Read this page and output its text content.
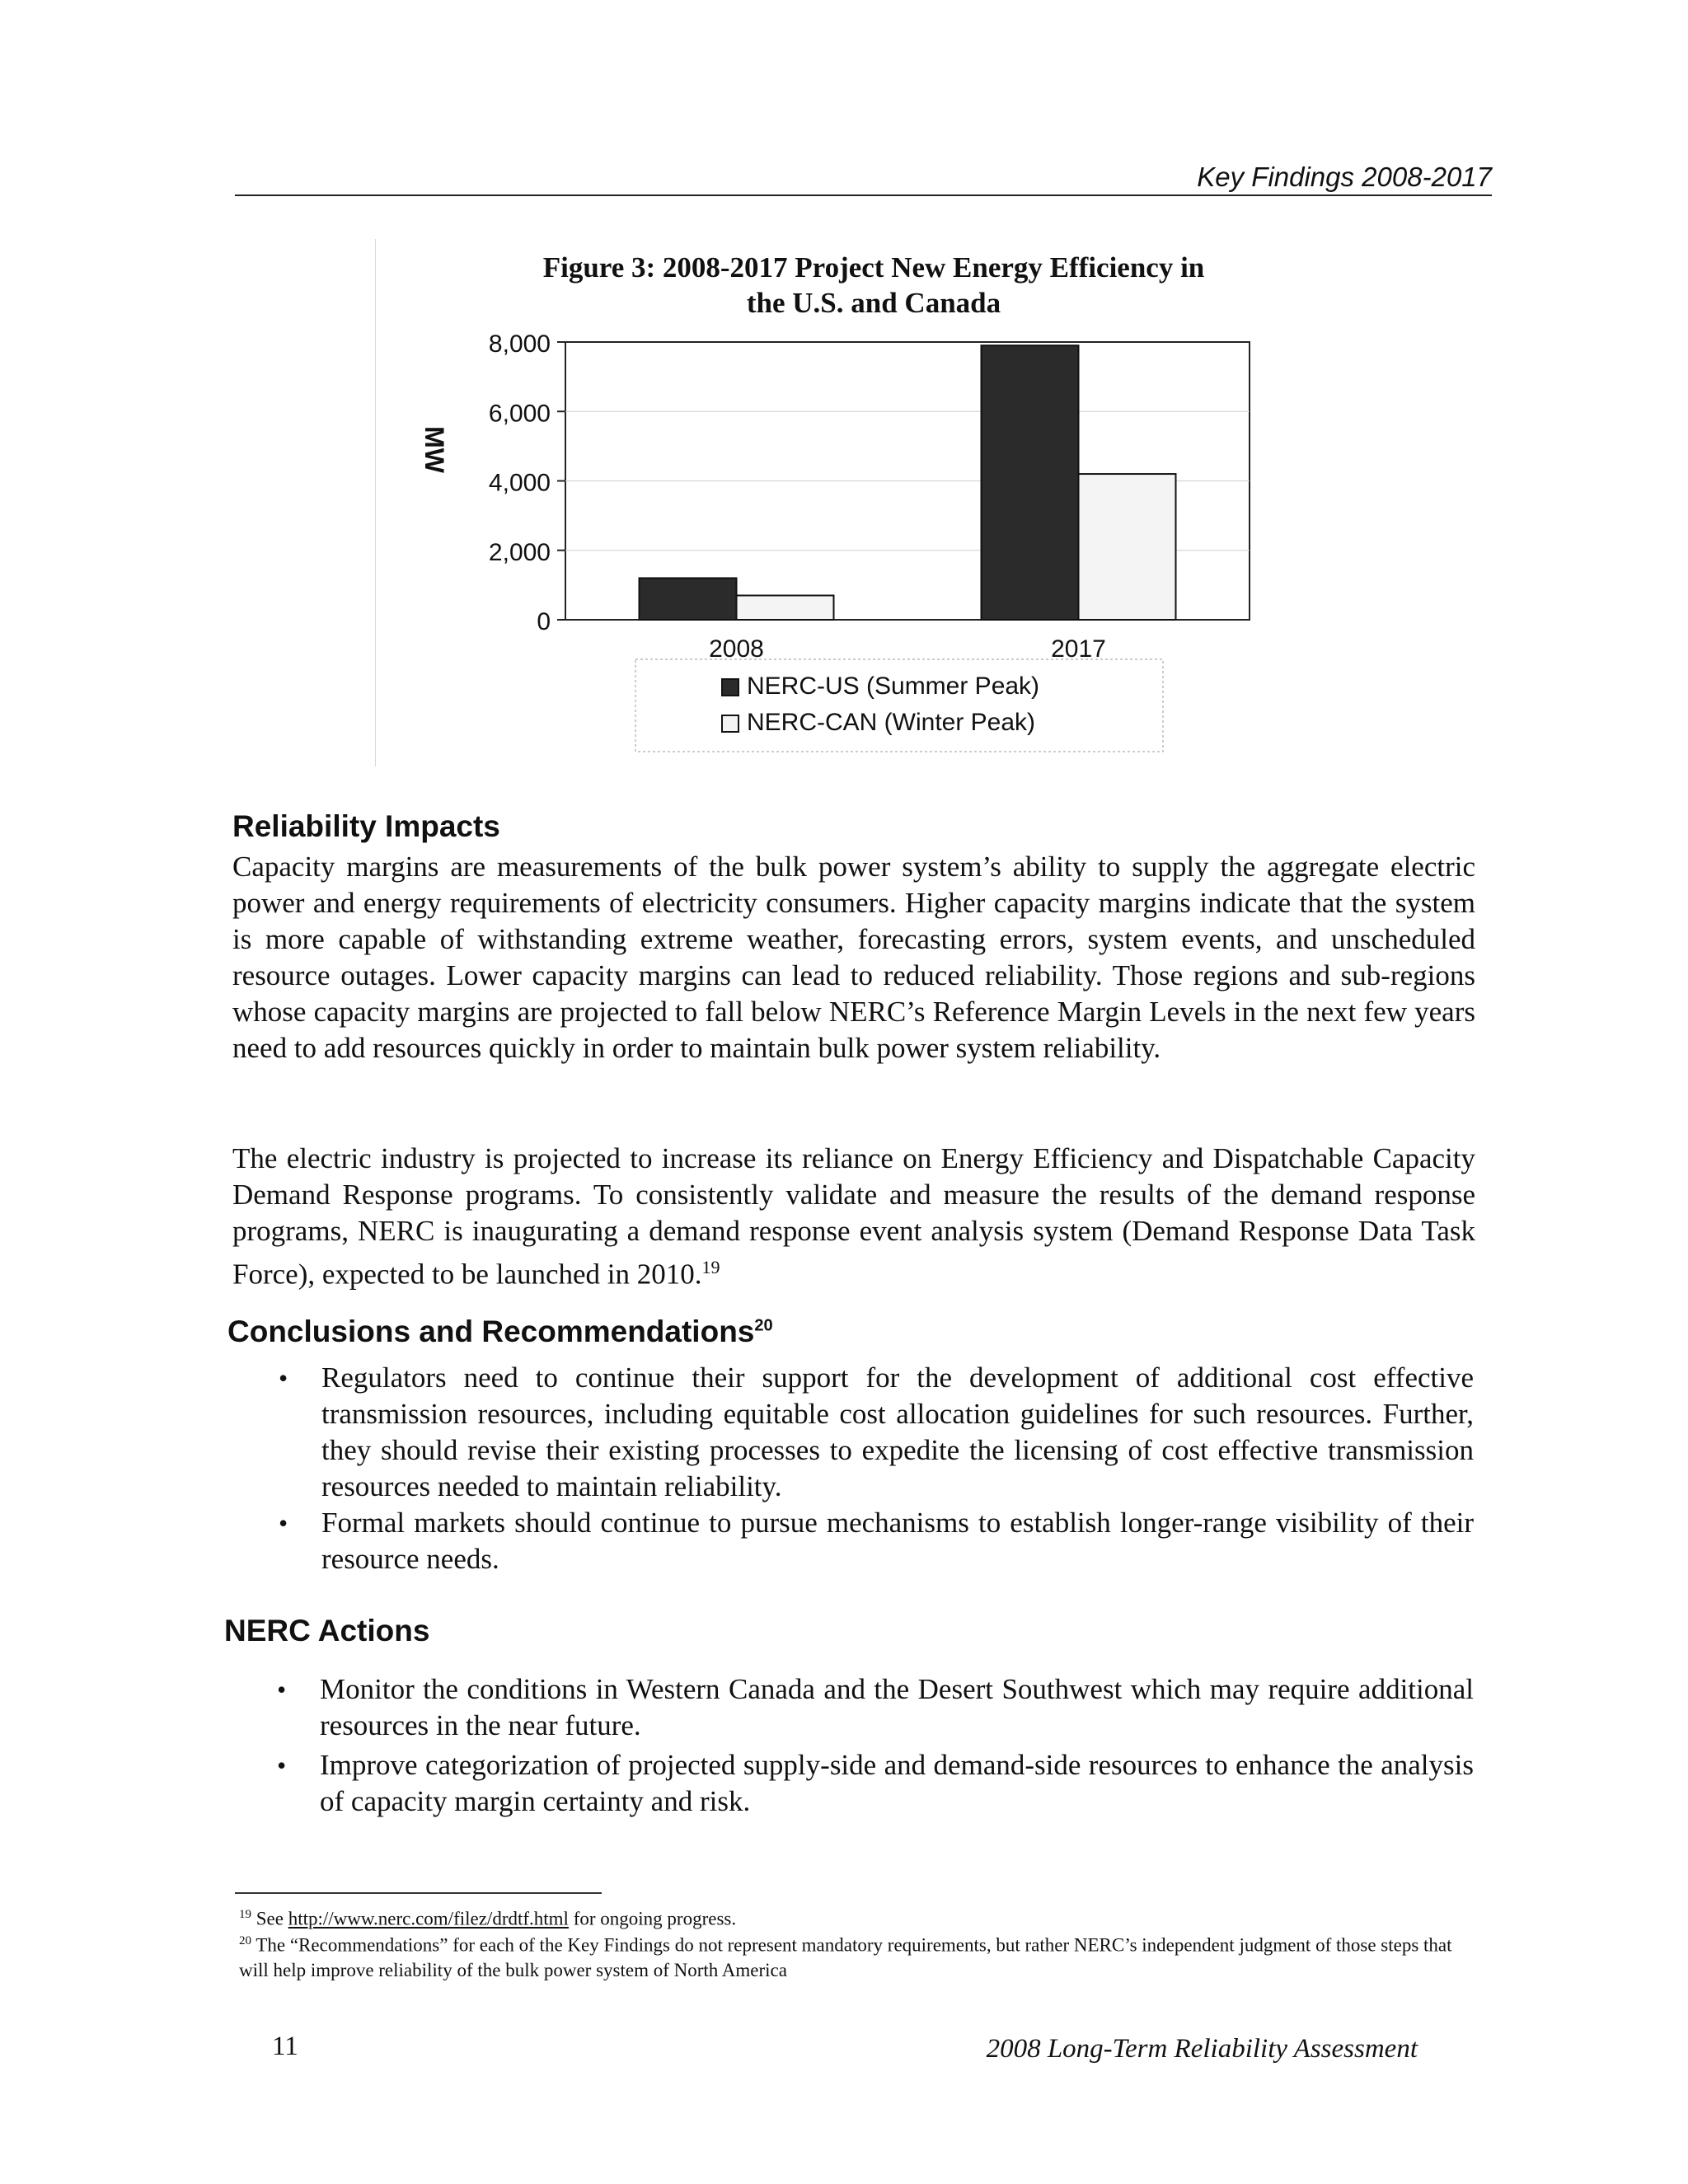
Key Findings 2008-2017
8,000
6,000
4,000
2,000
0
MW
2008	2017
NERC-US (Summer Peak)
NERC-CAN (Winter Peak)
Figure 3: 2008-2017 Project New Energy Efficiency in
the U.S. and Canada
Reliability Impacts

Capacity margins are measurements of the bulk power system’s ability to supply the aggregate electric power and energy requirements of electricity consumers. Higher capacity margins indicate that the system is more capable of withstanding extreme weather, forecasting errors, system events, and unscheduled resource outages. Lower capacity margins can lead to reduced reliability. Those regions and sub-regions whose capacity margins are projected to fall below NERC’s Reference Margin Levels in the next few years need to add resources quickly in order to maintain bulk power system reliability.

The electric industry is projected to increase its reliance on Energy Efficiency and Dispatchable Capacity Demand Response programs. To consistently validate and measure the results of the demand response programs, NERC is inaugurating a demand response event analysis system (Demand Response Data Task Force), expected to be launched in 2010.19

Conclusions and Recommendations$^{20}$
• Regulators need to continue their support for the development of additional cost effective transmission resources, including equitable cost allocation guidelines for such resources. Further, they should revise their existing processes to expedite the licensing of cost effective transmission resources needed to maintain reliability.
• Formal markets should continue to pursue mechanisms to establish longer-range visibility of their resource needs.
NERC Actions
• Monitor the conditions in Western Canada and the Desert Southwest which may require additional resources in the near future.
• Improve categorization of projected supply-side and demand-side resources to enhance the analysis of capacity margin certainty and risk.
$^{19}$ See http://www.nerc.com/filez/drdtf.html for ongoing progress.
$^{20}$ The “Recommendations” for each of the Key Findings do not represent mandatory requirements, but rather NERC’s independent judgment of those steps that will help improve reliability of the bulk power system of North America
11	2008 Long-Term Reliability Assessment
